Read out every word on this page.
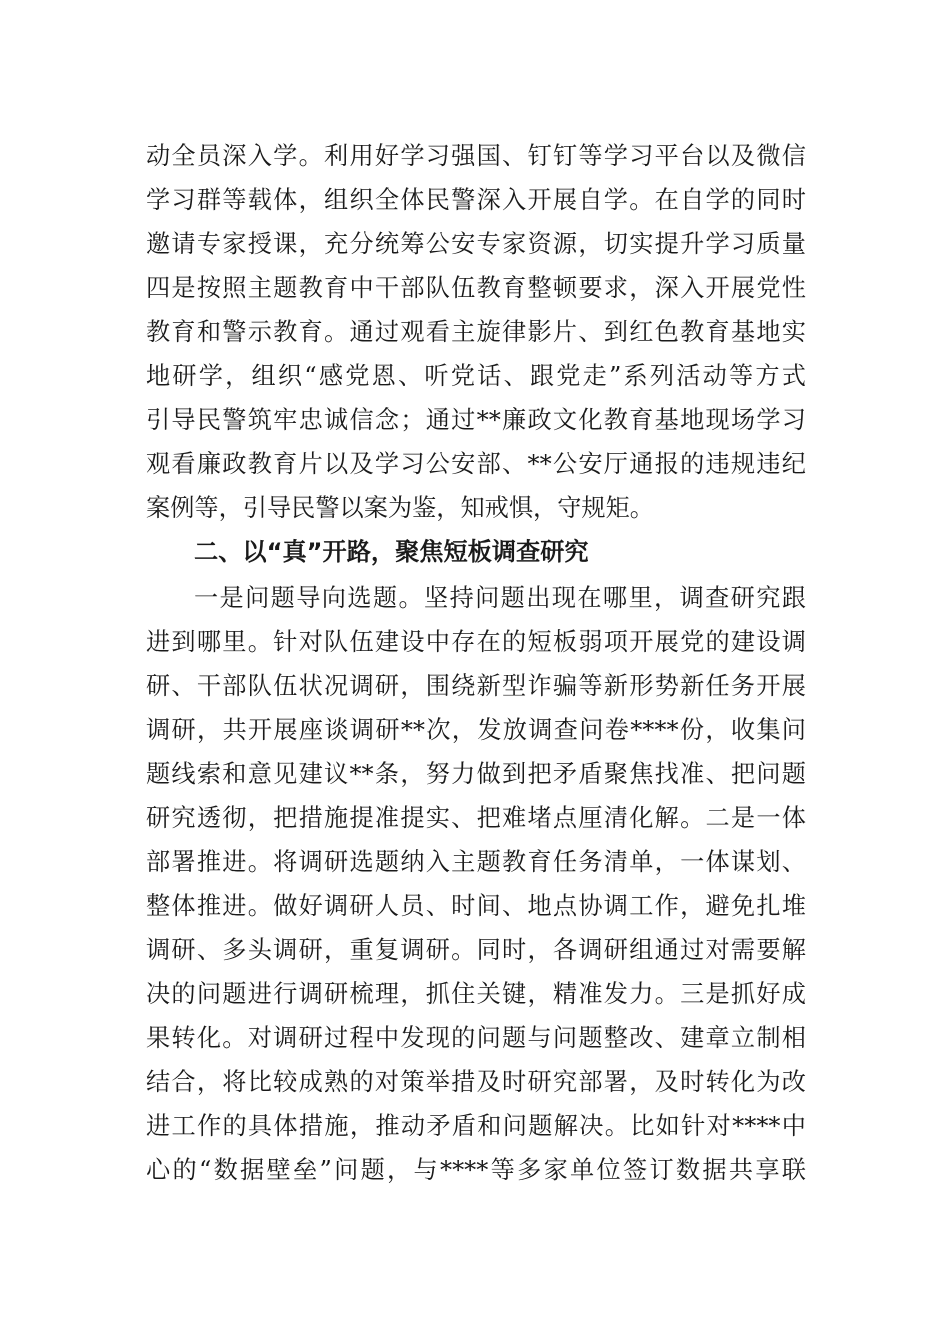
动全员深入学。利用好学习强国、钉钉等学习平台以及微信
学习群等载体，组织全体民警深入开展自学。在自学的同时
邀请专家授课，充分统筹公安专家资源，切实提升学习质量
四是按照主题教育中干部队伍教育整顿要求，深入开展党性
教育和警示教育。通过观看主旋律影片、到红色教育基地实
地研学，组织“感党恩、听党话、跟党走”系列活动等方式
引导民警筑牢忠诚信念；通过**廉政文化教育基地现场学习
观看廉政教育片以及学习公安部、**公安厅通报的违规违纪
案例等，引导民警以案为鉴，知戒惧，守规矩。
二、以“真”开路，聚焦短板调查研究
一是问题导向选题。坚持问题出现在哪里，调查研究跟
进到哪里。针对队伍建设中存在的短板弱项开展党的建设调
研、干部队伍状况调研，围绕新型诈骗等新形势新任务开展
调研，共开展座谈调研**次，发放调查问卷****份，收集问
题线索和意见建议**条，努力做到把矛盾聚焦找准、把问题
研究透彻，把措施提准提实、把难堵点厘清化解。二是一体
部署推进。将调研选题纳入主题教育任务清单，一体谋划、
整体推进。做好调研人员、时间、地点协调工作，避免扎堆
调研、多头调研，重复调研。同时，各调研组通过对需要解
决的问题进行调研梳理，抓住关键，精准发力。三是抓好成
果转化。对调研过程中发现的问题与问题整改、建章立制相
结合，将比较成熟的对策举措及时研究部署，及时转化为改
进工作的具体措施，推动矛盾和问题解决。比如针对****中
心的“数据壁垒”问题，与****等多家单位签订数据共享联
